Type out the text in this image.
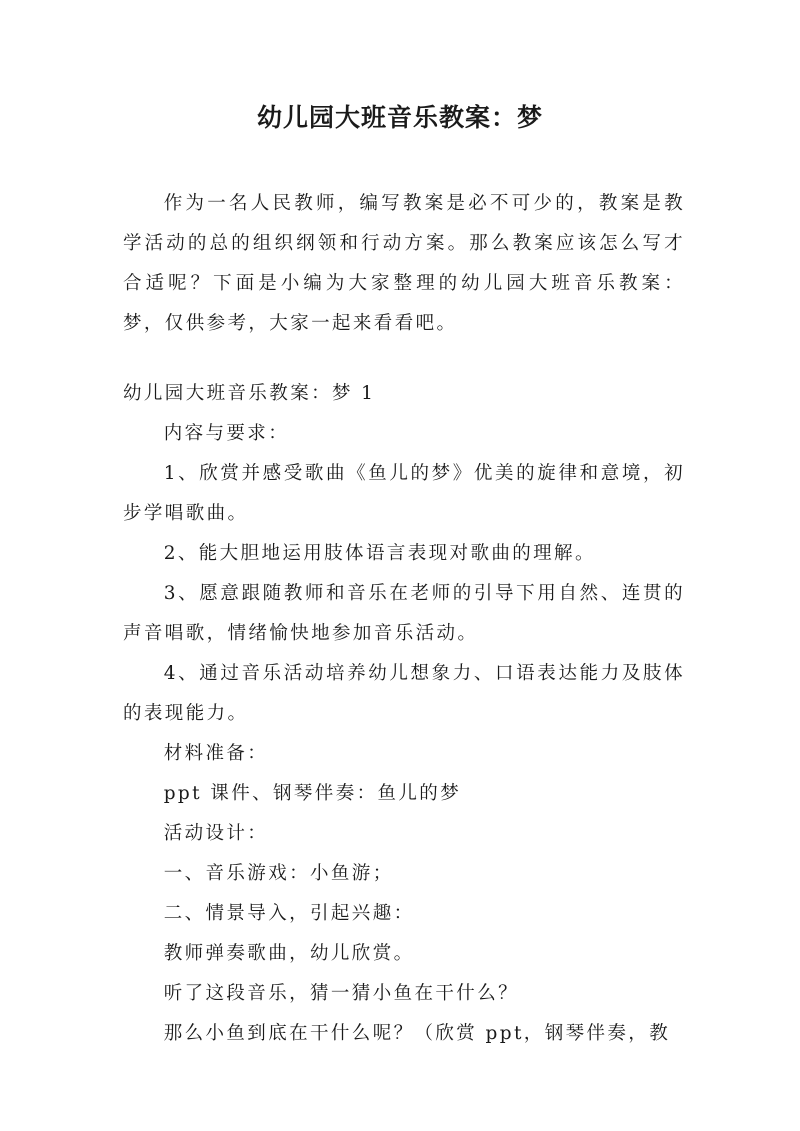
幼儿园大班音乐教案：梦

作为一名人民教师，编写教案是必不可少的，教案是教学活动的总的组织纲领和行动方案。那么教案应该怎么写才合适呢？下面是小编为大家整理的幼儿园大班音乐教案：梦，仅供参考，大家一起来看看吧。

幼儿园大班音乐教案：梦 1

内容与要求：

1、欣赏并感受歌曲《鱼儿的梦》优美的旋律和意境，初步学唱歌曲。

2、能大胆地运用肢体语言表现对歌曲的理解。

3、愿意跟随教师和音乐在老师的引导下用自然、连贯的声音唱歌，情绪愉快地参加音乐活动。

4、通过音乐活动培养幼儿想象力、口语表达能力及肢体的表现能力。

材料准备：

ppt 课件、钢琴伴奏：鱼儿的梦

活动设计：

一、音乐游戏：小鱼游；

二、情景导入，引起兴趣：

教师弹奏歌曲，幼儿欣赏。

听了这段音乐，猜一猜小鱼在干什么？

那么小鱼到底在干什么呢？（欣赏 ppt，钢琴伴奏，教
